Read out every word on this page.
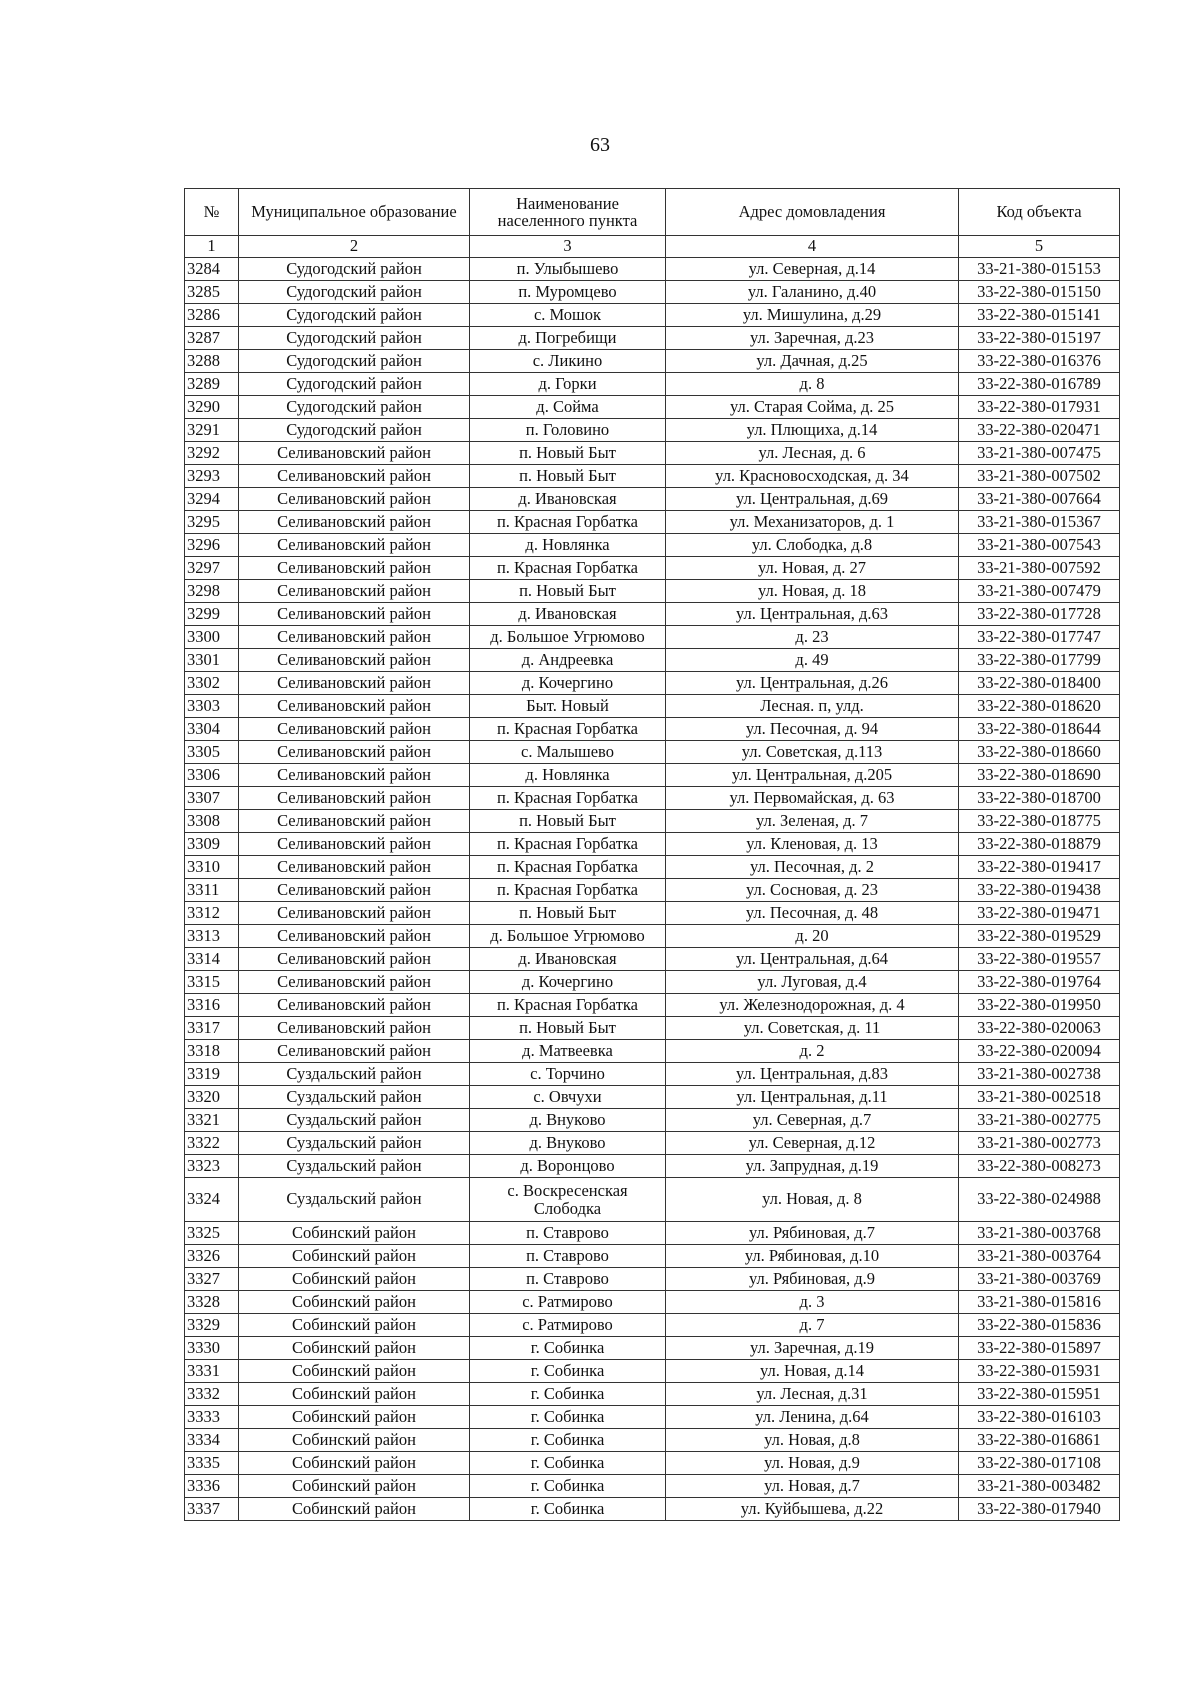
63
№	Муниципальное образование	Наименование населенного пункта	Адрес домовладения	Код объекта
1	2	3	4	5
3284	Судогодский район	п. Улыбышево	ул. Северная, д.14	33-21-380-015153
3285	Судогодский район	п. Муромцево	ул. Галанино, д.40	33-22-380-015150
3286	Судогодский район	с. Мошок	ул. Мишулина, д.29	33-22-380-015141
3287	Судогодский район	д. Погребищи	ул. Заречная, д.23	33-22-380-015197
3288	Судогодский район	с. Ликино	ул. Дачная, д.25	33-22-380-016376
3289	Судогодский район	д. Горки	д. 8	33-22-380-016789
3290	Судогодский район	д. Сойма	ул. Старая Сойма, д. 25	33-22-380-017931
3291	Судогодский район	п. Головино	ул. Плющиха, д.14	33-22-380-020471
3292	Селивановский район	п. Новый Быт	ул. Лесная, д. 6	33-21-380-007475
3293	Селивановский район	п. Новый Быт	ул. Красновосходская, д. 34	33-21-380-007502
3294	Селивановский район	д. Ивановская	ул. Центральная, д.69	33-21-380-007664
3295	Селивановский район	п. Красная Горбатка	ул. Механизаторов, д. 1	33-21-380-015367
3296	Селивановский район	д. Новлянка	ул. Слободка, д.8	33-21-380-007543
3297	Селивановский район	п. Красная Горбатка	ул. Новая, д. 27	33-21-380-007592
3298	Селивановский район	п. Новый Быт	ул. Новая, д. 18	33-21-380-007479
3299	Селивановский район	д. Ивановская	ул. Центральная, д.63	33-22-380-017728
3300	Селивановский район	д. Большое Угрюмово	д. 23	33-22-380-017747
3301	Селивановский район	д. Андреевка	д. 49	33-22-380-017799
3302	Селивановский район	д. Кочергино	ул. Центральная, д.26	33-22-380-018400
3303	Селивановский район	Быт. Новый	Лесная. п, улд.	33-22-380-018620
3304	Селивановский район	п. Красная Горбатка	ул. Песочная, д. 94	33-22-380-018644
3305	Селивановский район	с. Малышево	ул. Советская, д.113	33-22-380-018660
3306	Селивановский район	д. Новлянка	ул. Центральная, д.205	33-22-380-018690
3307	Селивановский район	п. Красная Горбатка	ул. Первомайская, д. 63	33-22-380-018700
3308	Селивановский район	п. Новый Быт	ул. Зеленая, д. 7	33-22-380-018775
3309	Селивановский район	п. Красная Горбатка	ул. Кленовая, д. 13	33-22-380-018879
3310	Селивановский район	п. Красная Горбатка	ул. Песочная, д. 2	33-22-380-019417
3311	Селивановский район	п. Красная Горбатка	ул. Сосновая, д. 23	33-22-380-019438
3312	Селивановский район	п. Новый Быт	ул. Песочная, д. 48	33-22-380-019471
3313	Селивановский район	д. Большое Угрюмово	д. 20	33-22-380-019529
3314	Селивановский район	д. Ивановская	ул. Центральная, д.64	33-22-380-019557
3315	Селивановский район	д. Кочергино	ул. Луговая, д.4	33-22-380-019764
3316	Селивановский район	п. Красная Горбатка	ул. Железнодорожная, д. 4	33-22-380-019950
3317	Селивановский район	п. Новый Быт	ул. Советская, д. 11	33-22-380-020063
3318	Селивановский район	д. Матвеевка	д. 2	33-22-380-020094
3319	Суздальский район	с. Торчино	ул. Центральная, д.83	33-21-380-002738
3320	Суздальский район	с. Овчухи	ул. Центральная, д.11	33-21-380-002518
3321	Суздальский район	д. Внуково	ул. Северная, д.7	33-21-380-002775
3322	Суздальский район	д. Внуково	ул. Северная, д.12	33-21-380-002773
3323	Суздальский район	д. Воронцово	ул. Запрудная, д.19	33-22-380-008273
3324	Суздальский район	с. Воскресенская Слободка	ул. Новая, д. 8	33-22-380-024988
3325	Собинский район	п. Ставрово	ул. Рябиновая, д.7	33-21-380-003768
3326	Собинский район	п. Ставрово	ул. Рябиновая, д.10	33-21-380-003764
3327	Собинский район	п. Ставрово	ул. Рябиновая, д.9	33-21-380-003769
3328	Собинский район	с. Ратмирово	д. 3	33-21-380-015816
3329	Собинский район	с. Ратмирово	д. 7	33-22-380-015836
3330	Собинский район	г. Собинка	ул. Заречная, д.19	33-22-380-015897
3331	Собинский район	г. Собинка	ул. Новая, д.14	33-22-380-015931
3332	Собинский район	г. Собинка	ул. Лесная, д.31	33-22-380-015951
3333	Собинский район	г. Собинка	ул. Ленина, д.64	33-22-380-016103
3334	Собинский район	г. Собинка	ул. Новая, д.8	33-22-380-016861
3335	Собинский район	г. Собинка	ул. Новая, д.9	33-22-380-017108
3336	Собинский район	г. Собинка	ул. Новая, д.7	33-21-380-003482
3337	Собинский район	г. Собинка	ул. Куйбышева, д.22	33-22-380-017940
